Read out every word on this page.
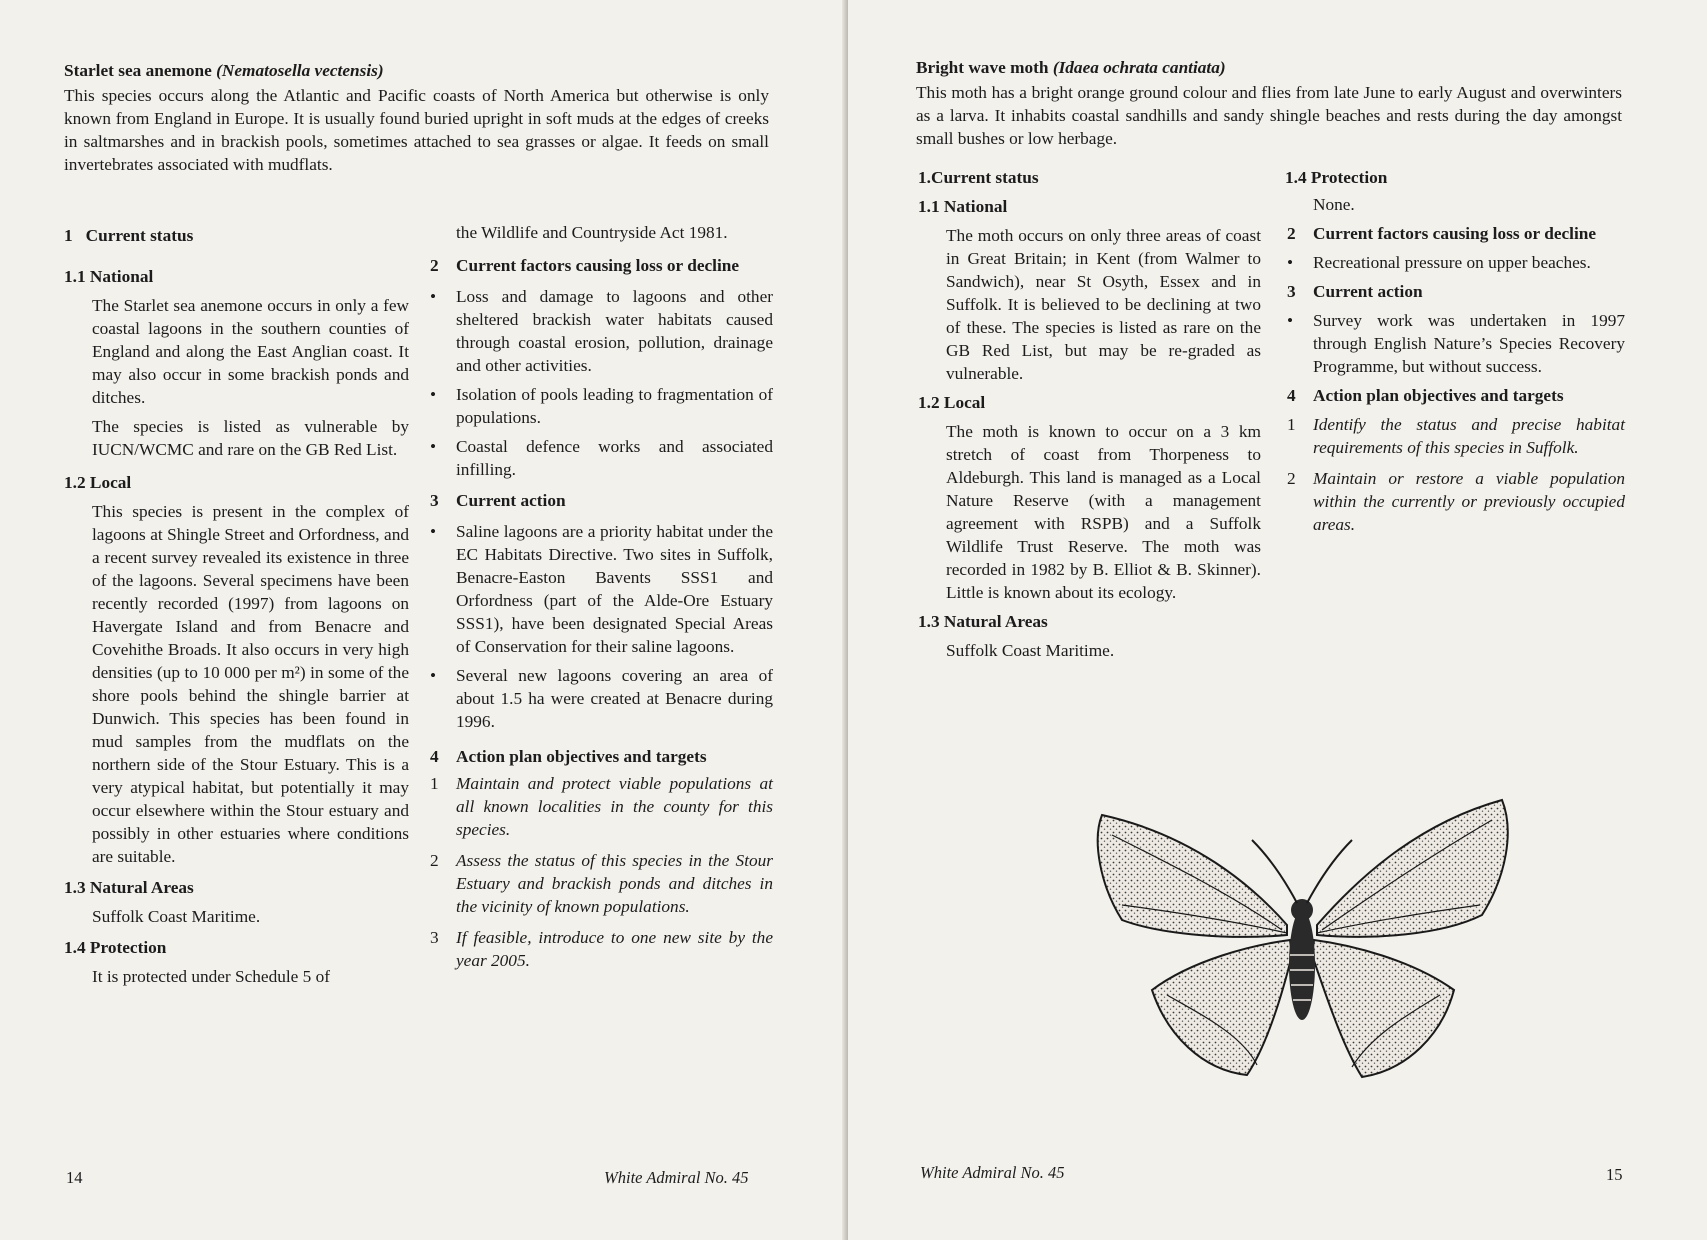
Starlet sea anemone (Nematosella vectensis)

This species occurs along the Atlantic and Pacific coasts of North America but otherwise is only known from England in Europe. It is usually found buried upright in soft muds at the edges of creeks in saltmarshes and in brackish pools, sometimes attached to sea grasses or algae. It feeds on small invertebrates associated with mudflats.

1 Current status

1.1 National

The Starlet sea anemone occurs in only a few coastal lagoons in the southern counties of England and along the East Anglian coast. It may also occur in some brackish ponds and ditches.

The species is listed as vulnerable by IUCN/WCMC and rare on the GB Red List.

1.2 Local

This species is present in the complex of lagoons at Shingle Street and Orfordness, and a recent survey revealed its existence in three of the lagoons. Several specimens have been recently recorded (1997) from lagoons on Havergate Island and from Benacre and Covehithe Broads. It also occurs in very high densities (up to 10 000 per m²) in some of the shore pools behind the shingle barrier at Dunwich. This species has been found in mud samples from the mudflats on the northern side of the Stour Estuary. This is a very atypical habitat, but potentially it may occur elsewhere within the Stour estuary and possibly in other estuaries where conditions are suitable.

1.3 Natural Areas

Suffolk Coast Maritime.

1.4 Protection

It is protected under Schedule 5 of

the Wildlife and Countryside Act 1981.

2 Current factors causing loss or decline
• Loss and damage to lagoons and other sheltered brackish water habitats caused through coastal erosion, pollution, drainage and other activities.
• Isolation of pools leading to fragmentation of populations.
• Coastal defence works and associated infilling.
3 Current action
• Saline lagoons are a priority habitat under the EC Habitats Directive. Two sites in Suffolk, Benacre-Easton Bavents SSS1 and Orfordness (part of the Alde-Ore Estuary SSS1), have been designated Special Areas of Conservation for their saline lagoons.
• Several new lagoons covering an area of about 1.5 ha were created at Benacre during 1996.
4 Action plan objectives and targets
1 Maintain and protect viable populations at all known localities in the county for this species.
2 Assess the status of this species in the Stour Estuary and brackish ponds and ditches in the vicinity of known populations.
3 If feasible, introduce to one new site by the year 2005.
14	White Admiral No. 45

Bright wave moth (Idaea ochrata cantiata)

This moth has a bright orange ground colour and flies from late June to early August and overwinters as a larva. It inhabits coastal sandhills and sandy shingle beaches and rests during the day amongst small bushes or low herbage.

1.Current status

1.1 National

The moth occurs on only three areas of coast in Great Britain; in Kent (from Walmer to Sandwich), near St Osyth, Essex and in Suffolk. It is believed to be declining at two of these. The species is listed as rare on the GB Red List, but may be re-graded as vulnerable.

1.2 Local

The moth is known to occur on a 3 km stretch of coast from Thorpeness to Aldeburgh. This land is managed as a Local Nature Reserve (with a management agreement with RSPB) and a Suffolk Wildlife Trust Reserve. The moth was recorded in 1982 by B. Elliot & B. Skinner). Little is known about its ecology.

1.3 Natural Areas

Suffolk Coast Maritime.

1.4 Protection

None.

2 Current factors causing loss or decline
• Recreational pressure on upper beaches.
3 Current action
• Survey work was undertaken in 1997 through English Nature’s Species Recovery Programme, but without success.
4 Action plan objectives and targets
1 Identify the status and precise habitat requirements of this species in Suffolk.
2 Maintain or restore a viable population within the currently or previously occupied areas.
White Admiral No. 45	15
